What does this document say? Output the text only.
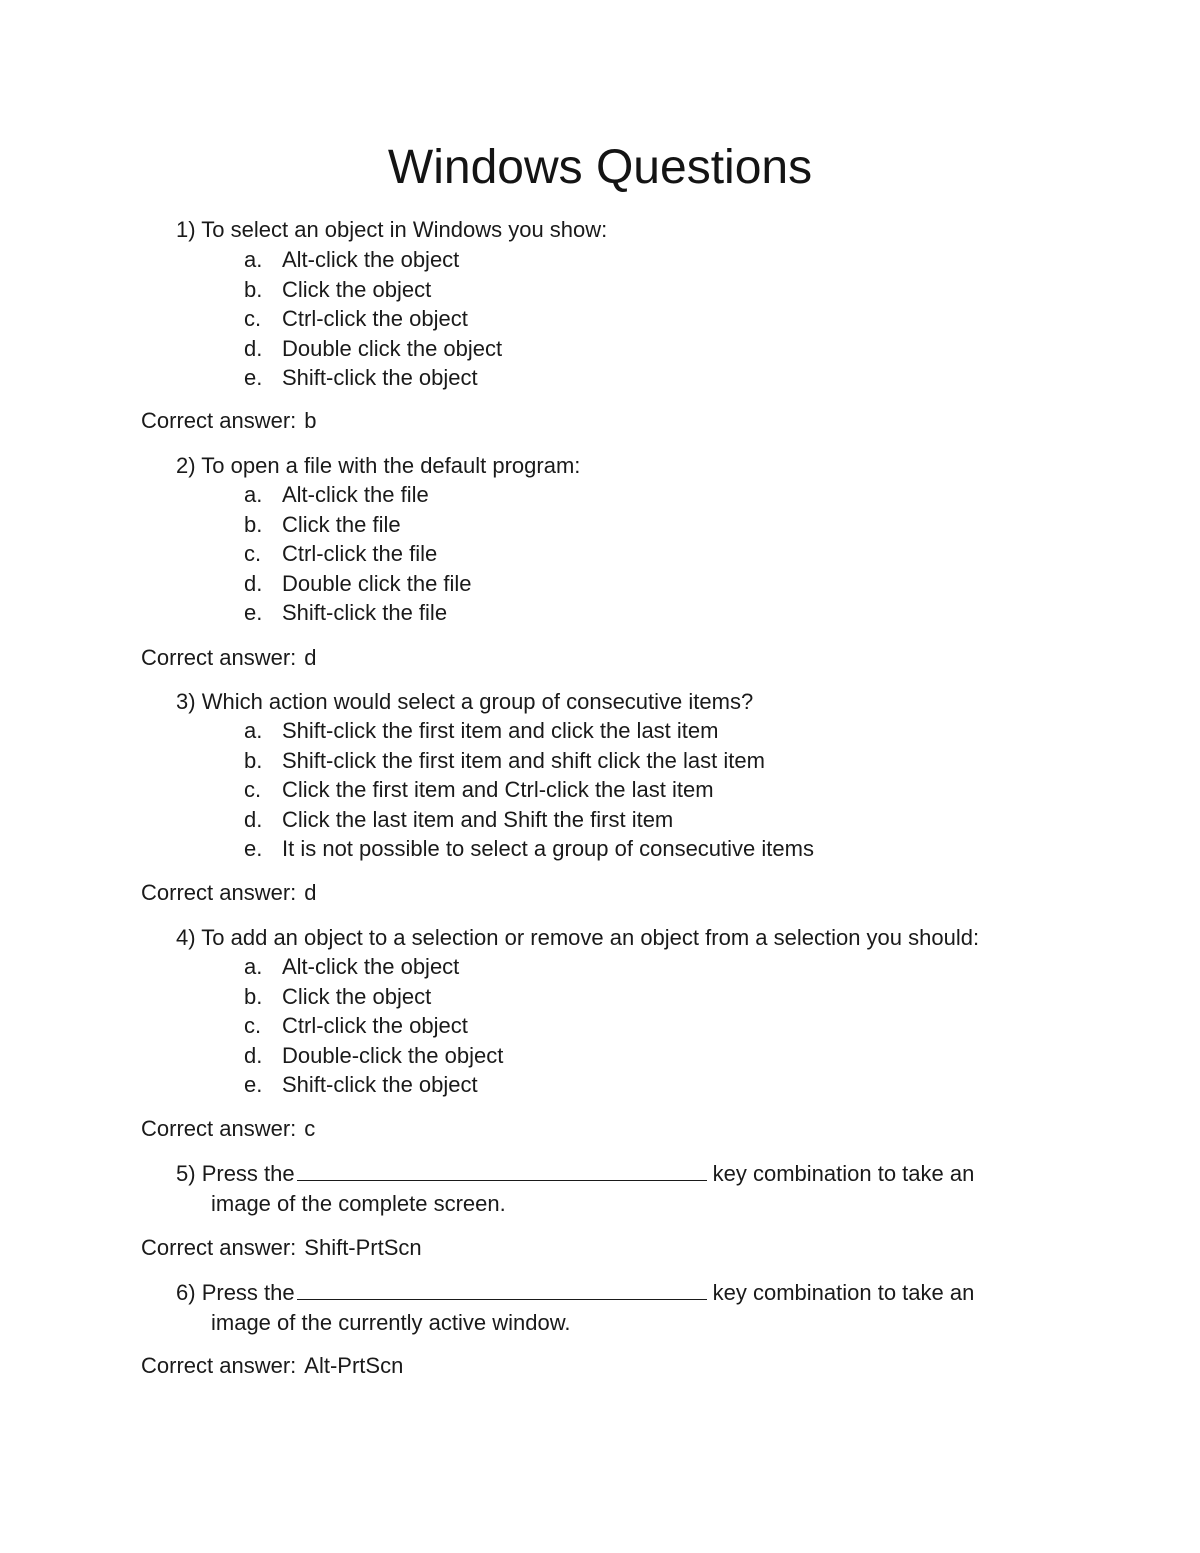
Windows Questions
1) To select an object in Windows you show:
a. Alt-click the object
b. Click the object
c. Ctrl-click the object
d. Double click the object
e. Shift-click the object
Correct answer: b
2) To open a file with the default program:
a. Alt-click the file
b. Click the file
c. Ctrl-click the file
d. Double click the file
e. Shift-click the file
Correct answer: d
3) Which action would select a group of consecutive items?
a. Shift-click the first item and click the last item
b. Shift-click the first item and shift click the last item
c. Click the first item and Ctrl-click the last item
d. Click the last item and Shift the first item
e. It is not possible to select a group of consecutive items
Correct answer: d
4) To add an object to a selection or remove an object from a selection you should:
a. Alt-click the object
b. Click the object
c. Ctrl-click the object
d. Double-click the object
e. Shift-click the object
Correct answer: c
5) Press the	key combination to take an
image of the complete screen.
Correct answer: Shift-PrtScn
6) Press the	key combination to take an
image of the currently active window.
Correct answer: Alt-PrtScn
